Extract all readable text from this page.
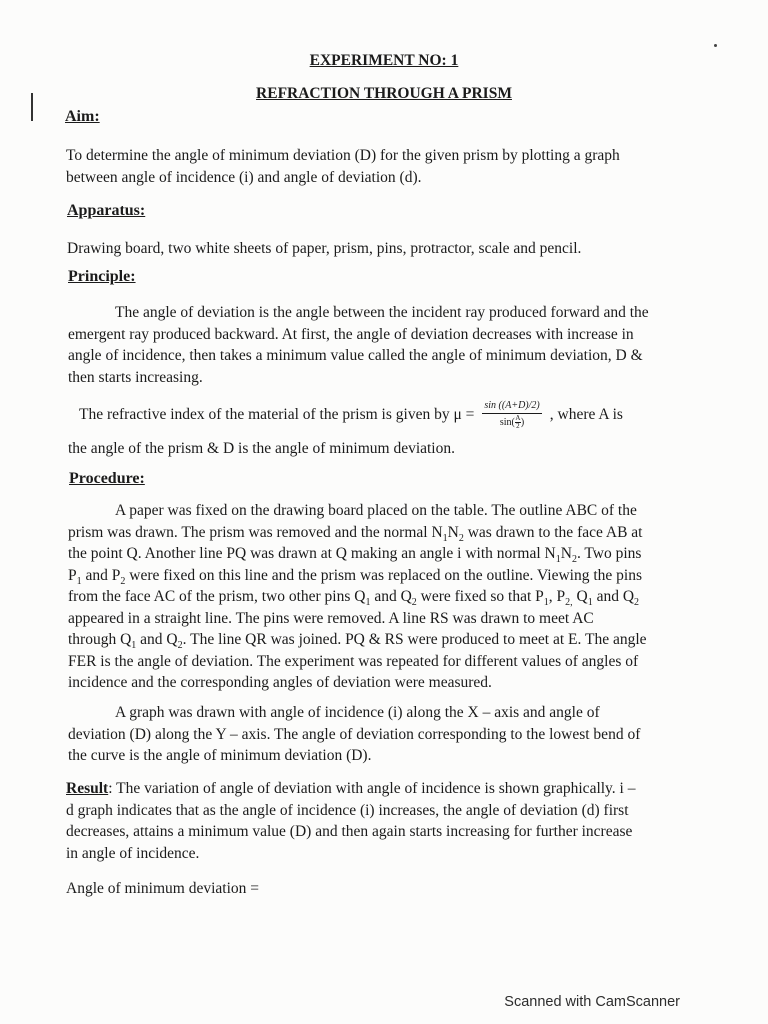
EXPERIMENT NO: 1
REFRACTION THROUGH A PRISM
Aim:
To determine the angle of minimum deviation (D) for the given prism by plotting a graph
between angle of incidence (i) and angle of deviation (d).
Apparatus:
Drawing board, two white sheets of paper, prism, pins, protractor, scale and pencil.
Principle:
The angle of deviation is the angle between the incident ray produced forward and the
emergent ray produced backward. At first, the angle of deviation decreases with increase in
angle of incidence, then takes a minimum value called the angle of minimum deviation, D &
then starts increasing.
The refractive index of the material of the prism is given by $\mu = \frac{\sin ((A+D)/2)}{\sin( \frac{A}{2} )}$ , where A is
the angle of the prism & D is the angle of minimum deviation.
Procedure:
A paper was fixed on the drawing board placed on the table. The outline ABC of the
prism was drawn. The prism was removed and the normal $N_1N_2$ was drawn to the face AB at
the point Q. Another line PQ was drawn at Q making an angle i with normal $N_1N_2$. Two pins
$P_1$ and $P_2$ were fixed on this line and the prism was replaced on the outline. Viewing the pins
from the face AC of the prism, two other pins $Q_1$ and $Q_2$ were fixed so that $P_1$, $P_{2,}$ $Q_1$ and $Q_2$
appeared in a straight line. The pins were removed. A line RS was drawn to meet AC
through $Q_1$ and $Q_2$. The line QR was joined. PQ & RS were produced to meet at E. The angle
FER is the angle of deviation. The experiment was repeated for different values of angles of
incidence and the corresponding angles of deviation were measured.
A graph was drawn with angle of incidence (i) along the X – axis and angle of
deviation (D) along the Y – axis. The angle of deviation corresponding to the lowest bend of
the curve is the angle of minimum deviation (D).
Result: The variation of angle of deviation with angle of incidence is shown graphically. i –
d graph indicates that as the angle of incidence (i) increases, the angle of deviation (d) first
decreases, attains a minimum value (D) and then again starts increasing for further increase
in angle of incidence.
Angle of minimum deviation =
Scanned with CamScanner
